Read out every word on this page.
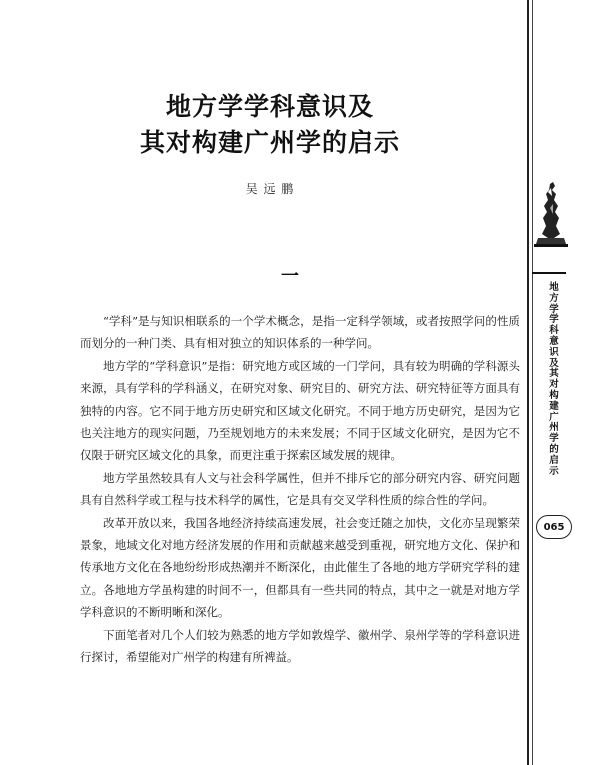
地方学学科意识及
其对构建广州学的启示
吴 远 鹏
一

“学科”是与知识相联系的一个学术概念，是指一定科学领域，或者按照学问的性质而划分的一种门类、具有相对独立的知识体系的一种学问。

地方学的“学科意识”是指：研究地方或区域的一门学问，具有较为明确的学科源头来源，具有学科的学科涵义，在研究对象、研究目的、研究方法、研究特征等方面具有独特的内容。它不同于地方历史研究和区域文化研究。不同于地方历史研究，是因为它也关注地方的现实问题，乃至规划地方的未来发展；不同于区域文化研究，是因为它不仅限于研究区域文化的具象，而更注重于探索区域发展的规律。

地方学虽然较具有人文与社会科学属性，但并不排斥它的部分研究内容、研究问题具有自然科学或工程与技术科学的属性，它是具有交叉学科性质的综合性的学问。

改革开放以来，我国各地经济持续高速发展，社会变迁随之加快，文化亦呈现繁荣景象，地域文化对地方经济发展的作用和贡献越来越受到重视，研究地方文化、保护和传承地方文化在各地纷纷形成热潮并不断深化，由此催生了各地的地方学研究学科的建立。各地地方学虽构建的时间不一，但都具有一些共同的特点，其中之一就是对地方学学科意识的不断明晰和深化。

下面笔者对几个人们较为熟悉的地方学如敦煌学、徽州学、泉州学等的学科意识进行探讨，希望能对广州学的构建有所裨益。

地方学学科意识及其对构建广州学的启示
065
